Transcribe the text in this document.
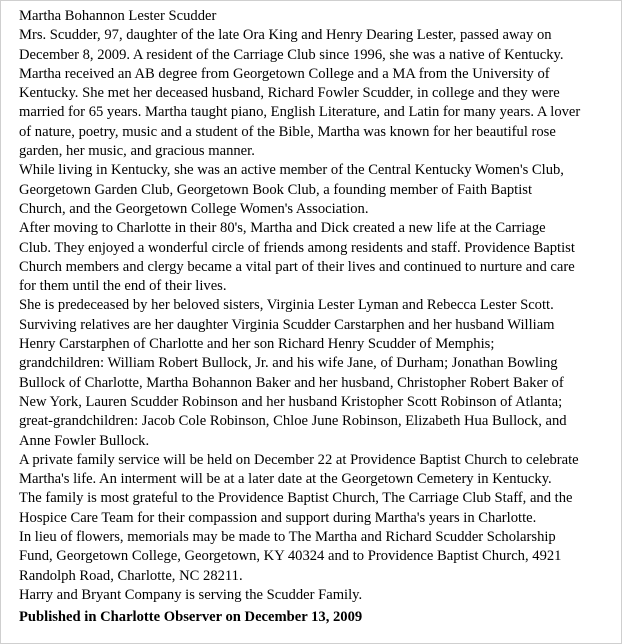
Martha Bohannon Lester Scudder
Mrs. Scudder, 97, daughter of the late Ora King and Henry Dearing Lester, passed away on
December 8, 2009. A resident of the Carriage Club since 1996, she was a native of Kentucky.
Martha received an AB degree from Georgetown College and a MA from the University of
Kentucky. She met her deceased husband, Richard Fowler Scudder, in college and they were
married for 65 years. Martha taught piano, English Literature, and Latin for many years. A lover
of nature, poetry, music and a student of the Bible, Martha was known for her beautiful rose
garden, her music, and gracious manner.
While living in Kentucky, she was an active member of the Central Kentucky Women's Club,
Georgetown Garden Club, Georgetown Book Club, a founding member of Faith Baptist
Church, and the Georgetown College Women's Association.
After moving to Charlotte in their 80's, Martha and Dick created a new life at the Carriage
Club. They enjoyed a wonderful circle of friends among residents and staff. Providence Baptist
Church members and clergy became a vital part of their lives and continued to nurture and care
for them until the end of their lives.
She is predeceased by her beloved sisters, Virginia Lester Lyman and Rebecca Lester Scott.
Surviving relatives are her daughter Virginia Scudder Carstarphen and her husband William
Henry Carstarphen of Charlotte and her son Richard Henry Scudder of Memphis;
grandchildren: William Robert Bullock, Jr. and his wife Jane, of Durham; Jonathan Bowling
Bullock of Charlotte, Martha Bohannon Baker and her husband, Christopher Robert Baker of
New York, Lauren Scudder Robinson and her husband Kristopher Scott Robinson of Atlanta;
great-grandchildren: Jacob Cole Robinson, Chloe June Robinson, Elizabeth Hua Bullock, and
Anne Fowler Bullock.
A private family service will be held on December 22 at Providence Baptist Church to celebrate
Martha's life. An interment will be at a later date at the Georgetown Cemetery in Kentucky.
The family is most grateful to the Providence Baptist Church, The Carriage Club Staff, and the
Hospice Care Team for their compassion and support during Martha's years in Charlotte.
In lieu of flowers, memorials may be made to The Martha and Richard Scudder Scholarship
Fund, Georgetown College, Georgetown, KY 40324 and to Providence Baptist Church, 4921
Randolph Road, Charlotte, NC 28211.
Harry and Bryant Company is serving the Scudder Family.
Published in Charlotte Observer on December 13, 2009
